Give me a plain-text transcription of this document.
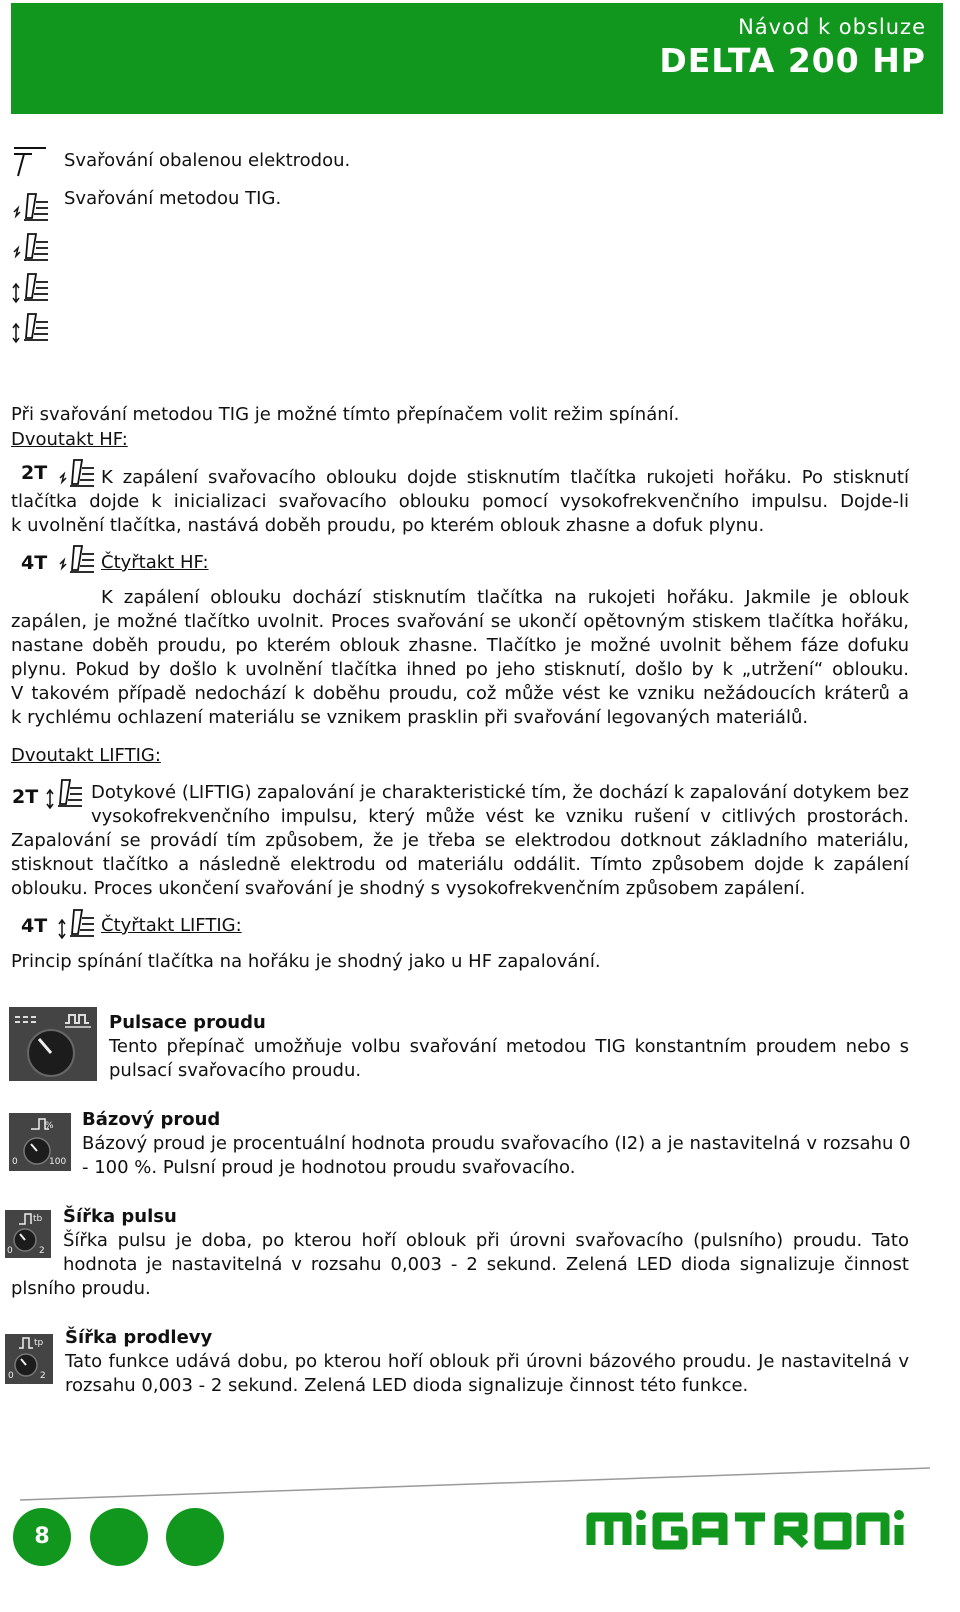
Návod k obsluze
DELTA 200 HP
Svařování obalenou elektrodou.
Svařování metodou TIG.
Při svařování metodou TIG je možné tímto přepínačem volit režim spínání.
Dvoutakt HF:
2T	K zapálení svařovacího oblouku dojde stisknutím tlačítka rukojeti hořáku. Po stisknutí
tlačítka dojde k inicializaci svařovacího oblouku pomocí vysokofrekvenčního impulsu. Dojde-li
k uvolnění tlačítka, nastává doběh proudu, po kterém oblouk zhasne a dofuk plynu.
4T	Čtyřtakt HF:
K zapálení oblouku dochází stisknutím tlačítka na rukojeti hořáku. Jakmile je oblouk
zapálen, je možné tlačítko uvolnit. Proces svařování se ukončí opětovným stiskem tlačítka hořáku,
nastane doběh proudu, po kterém oblouk zhasne. Tlačítko je možné uvolnit během fáze dofuku
plynu. Pokud by došlo k uvolnění tlačítka ihned po jeho stisknutí, došlo by k „utržení“ oblouku.
V takovém případě nedochází k doběhu proudu, což může vést ke vzniku nežádoucích kráterů a
k rychlému ochlazení materiálu se vznikem prasklin při svařování legovaných materiálů.
Dvoutakt LIFTIG:
2T	Dotykové (LIFTIG) zapalování je charakteristické tím, že dochází k zapalování dotykem bez
vysokofrekvenčního impulsu, který může vést ke vzniku rušení v citlivých prostorách.
Zapalování se provádí tím způsobem, že je třeba se elektrodou dotknout základního materiálu,
stisknout tlačítko a následně elektrodu od materiálu oddálit. Tímto způsobem dojde k zapálení
oblouku. Proces ukončení svařování je shodný s vysokofrekvenčním způsobem zapálení.
4T	Čtyřtakt LIFTIG:
Princip spínání tlačítka na hořáku je shodný jako u HF zapalování.
Pulsace proudu
Tento přepínač umožňuje volbu svařování metodou TIG konstantním proudem nebo s
pulsací svařovacího proudu.
%
0	100
Bázový proud
Bázový proud je procentuální hodnota proudu svařovacího (I2) a je nastavitelná v rozsahu 0
- 100 %. Pulsní proud je hodnotou proudu svařovacího.
tb
0	2
Šířka pulsu
Šířka pulsu je doba, po kterou hoří oblouk při úrovni svařovacího (pulsního) proudu. Tato
hodnota je nastavitelná v rozsahu 0,003 - 2 sekund. Zelená LED dioda signalizuje činnost
plsního proudu.
tp
0	2
Šířka prodlevy
Tato funkce udává dobu, po kterou hoří oblouk při úrovni bázového proudu. Je nastavitelná v
rozsahu 0,003 - 2 sekund. Zelená LED dioda signalizuje činnost této funkce.
8
